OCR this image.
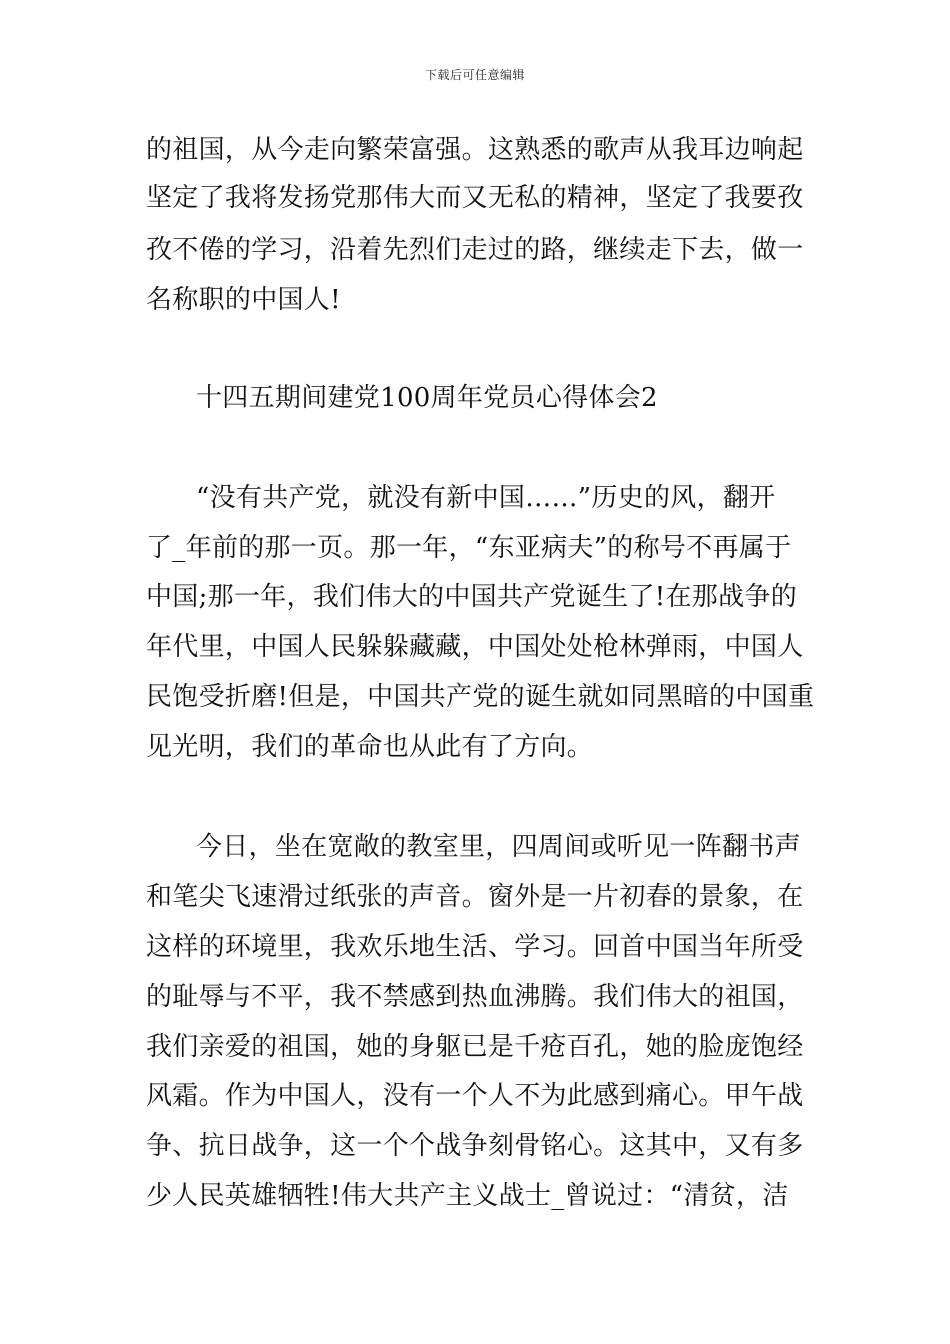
下载后可任意编辑
的祖国，从今走向繁荣富强。这熟悉的歌声从我耳边响起
坚定了我将发扬党那伟大而又无私的精神，坚定了我要孜
孜不倦的学习，沿着先烈们走过的路，继续走下去，做一
名称职的中国人!
十四五期间建党100周年党员心得体会2
“没有共产党，就没有新中国……”历史的风，翻开
了_年前的那一页。那一年，“东亚病夫”的称号不再属于
中国;那一年，我们伟大的中国共产党诞生了!在那战争的
年代里，中国人民躲躲藏藏，中国处处枪林弹雨，中国人
民饱受折磨!但是，中国共产党的诞生就如同黑暗的中国重
见光明，我们的革命也从此有了方向。
今日，坐在宽敞的教室里，四周间或听见一阵翻书声
和笔尖飞速滑过纸张的声音。窗外是一片初春的景象，在
这样的环境里，我欢乐地生活、学习。回首中国当年所受
的耻辱与不平，我不禁感到热血沸腾。我们伟大的祖国，
我们亲爱的祖国，她的身躯已是千疮百孔，她的脸庞饱经
风霜。作为中国人，没有一个人不为此感到痛心。甲午战
争、抗日战争，这一个个战争刻骨铭心。这其中，又有多
少人民英雄牺牲!伟大共产主义战士_曾说过：“清贫，洁
